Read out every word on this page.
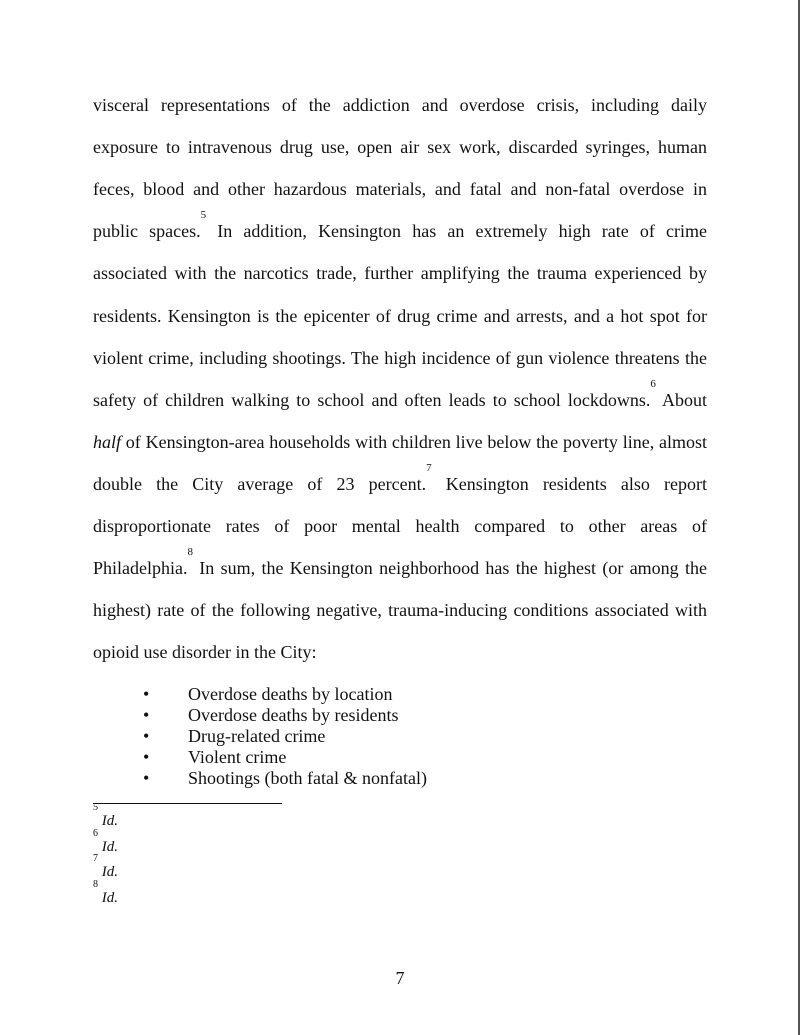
visceral representations of the addiction and overdose crisis, including daily
exposure to intravenous drug use, open air sex work, discarded syringes, human
feces, blood and other hazardous materials, and fatal and non-fatal overdose in
public spaces.$^5$ In addition, Kensington has an extremely high rate of crime
associated with the narcotics trade, further amplifying the trauma experienced by
residents. Kensington is the epicenter of drug crime and arrests, and a hot spot for
violent crime, including shootings. The high incidence of gun violence threatens the
safety of children walking to school and often leads to school lockdowns.$^6$ About
half of Kensington-area households with children live below the poverty line, almost
double the City average of 23 percent.$^7$ Kensington residents also report
disproportionate rates of poor mental health compared to other areas of
Philadelphia.$^8$ In sum, the Kensington neighborhood has the highest (or among the
highest) rate of the following negative, trauma-inducing conditions associated with
opioid use disorder in the City:
• Overdose deaths by location
• Overdose deaths by residents
• Drug-related crime
• Violent crime
• Shootings (both fatal & nonfatal)
$^5$ Id.
$^6$ Id.
$^7$ Id.
$^8$ Id.
7
